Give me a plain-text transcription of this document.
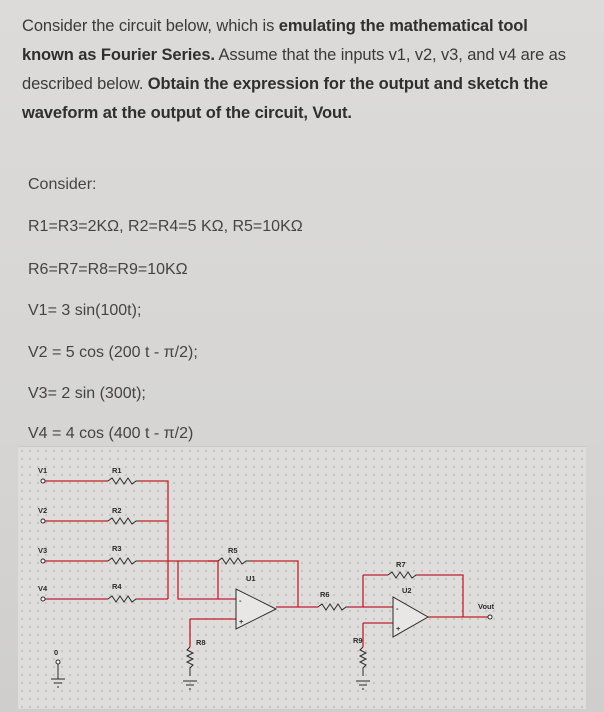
Consider the circuit below, which is emulating the mathematical tool known as Fourier Series. Assume that the inputs v1, v2, v3, and v4 are as described below. Obtain the expression for the output and sketch the waveform at the output of the circuit, Vout.
Consider:
R1=R3=2KΩ, R2=R4=5 KΩ, R5=10KΩ
R6=R7=R8=R9=10KΩ
V1= 3 sin(100t);
V2 = 5 cos (200 t - π/2);
V3= 2 sin (300t);
V4 = 4 cos (400 t - π/2)
V1
V2
V3
V4
R1
R2
R3
R4
R5
U1
R6
R7
U2
R8	R9
0
Vout
-
+
-
+
